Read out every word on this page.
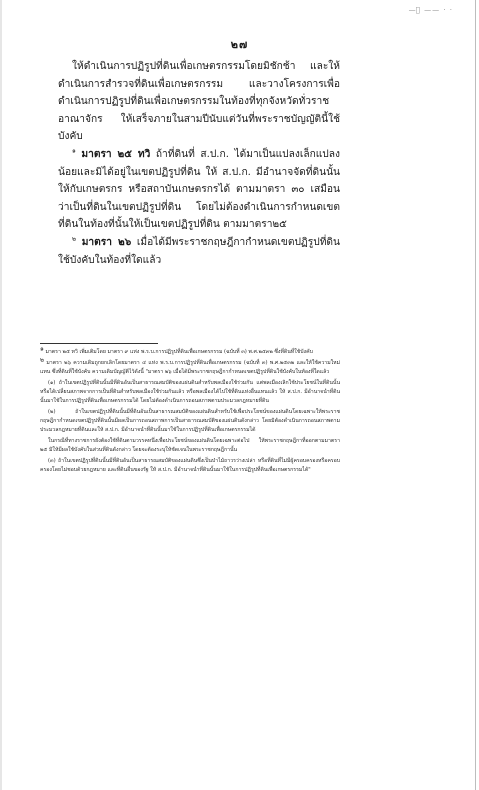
—ﾟ —— · ·
๒๗

ให้ดำเนินการปฏิรูปที่ดินเพื่อเกษตรกรรมโดยมิชักช้า และให้ดำเนินการสำรวจที่ดินเพื่อเกษตรกรรม และวางโครงการเพื่อดำเนินการปฏิรูปที่ดินเพื่อเกษตรกรรมในท้องที่ทุกจังหวัดทั่วราชอาณาจักร ให้เสร็จภายในสามปีนับแต่วันที่พระราชบัญญัตินี้ใช้บังคับ

$^๑$ มาตรา ๒๕ ทวิ ถ้าที่ดินที่ ส.ป.ก. ได้มาเป็นแปลงเล็กแปลงน้อยและมิได้อยู่ในเขตปฏิรูปที่ดิน ให้ ส.ป.ก. มีอำนาจจัดที่ดินนั้นให้กับเกษตรกร หรือสถาบันเกษตรกรได้ ตามมาตรา ๓๐ เสมือนว่าเป็นที่ดินในเขตปฏิรูปที่ดิน โดยไม่ต้องดำเนินการกำหนดเขตที่ดินในท้องที่นั้นให้เป็นเขตปฏิรูปที่ดิน ตามมาตรา๒๕

$^๒$ มาตรา ๒๖ เมื่อได้มีพระราชกฤษฎีกากำหนดเขตปฏิรูปที่ดินใช้บังคับในท้องที่ใดแล้ว

๑ มาตรา ๒๕ ทวิ เพิ่มเติมโดย มาตรา ๙ แห่ง พ.ร.บ.การปฏิรูปที่ดินเพื่อเกษตรกรรม (ฉบับที่ ๓) พ.ศ.๒๕๓๒ ซึ่งที่ดินที่ใช้บังคับ

๒ มาตรา ๒๖ ความเดิมถูกยกเลิกโดยมาตรา ๔ แห่ง พ.ร.บ.การปฏิรูปที่ดินเพื่อเกษตรกรรม (ฉบับที่ ๓) พ.ศ.๒๕๓๒ และให้ใช้ความใหม่แทน ซึ่งที่ดินที่ใช้บังคับ ความเดิมบัญญัติไว้ดังนี้ "มาตรา ๒๖ เมื่อได้มีพระราชกฤษฎีกากำหนดเขตปฏิรูปที่ดินใช้บังคับในท้องที่ใดแล้ว

(๑) ถ้าในเขตปฏิรูปที่ดินนั้นมีที่ดินอันเป็นสาธารณสมบัติของแผ่นดินสำหรับพลเมืองใช้ร่วมกัน แต่พลเมืองเลิกใช้ประโยชน์ในที่ดินนั้น หรือได้เปลี่ยนสภาพจากการเป็นที่ดินสำหรับพลเมืองใช้ร่วมกันแล้ว หรือพลเมืองได้ไปใช้ที่ดินแห่งอื่นแทนแล้ว ให้ ส.ป.ก. มีอำนาจนำที่ดินนั้นมาใช้ในการปฏิรูปที่ดินเพื่อเกษตรกรรมได้ โดยไม่ต้องดำเนินการถอนสภาพตามประมวลกฎหมายที่ดิน

(๒) ถ้าในเขตปฏิรูปที่ดินนั้นมีที่ดินอันเป็นสาธารณสมบัติของแผ่นดินสำหรับใช้เพื่อประโยชน์ของแผ่นดินโดยเฉพาะให้พระราชกฤษฎีกากำหนดเขตปฏิรูปที่ดินนั้นมีผลเป็นการถอนสภาพการเป็นสาธารณสมบัติของแผ่นดินดังกล่าว โดยมิต้องดำเนินการถอนสภาพตามประมวลกฎหมายที่ดินและให้ ส.ป.ก. มีอำนาจนำที่ดินนั้นมาใช้ในการปฏิรูปที่ดินเพื่อเกษตรกรรมได้

ในกรณีที่ทางราชการยังต้องใช้ที่ดินตามวรรคหนึ่งเพื่อประโยชน์ของแผ่นดินโดยเฉพาะต่อไป ให้พระราชกฤษฎีกาที่ออกตามมาตรา ๒๕ มิให้มีผลใช้บังคับในส่วนที่ดินดังกล่าว โดยจะต้องระบุให้ชัดเจนในพระราชกฤษฎีกานั้น

(๓) ถ้าในเขตปฏิรูปที่ดินนั้นมีที่ดินอันเป็นสาธารณสมบัติของแผ่นดินซึ่งเป็นป่าไม้ถาวรว่างเปล่า หรือที่ดินที่ไม่มีผู้ครอบครองหรือครอบครองโดยไม่ชอบด้วยกฎหมาย และที่ดินอื่นของรัฐ ให้ ส.ป.ก. มีอำนาจนำที่ดินนั้นมาใช้ในการปฏิรูปที่ดินเพื่อเกษตรกรรมได้"
